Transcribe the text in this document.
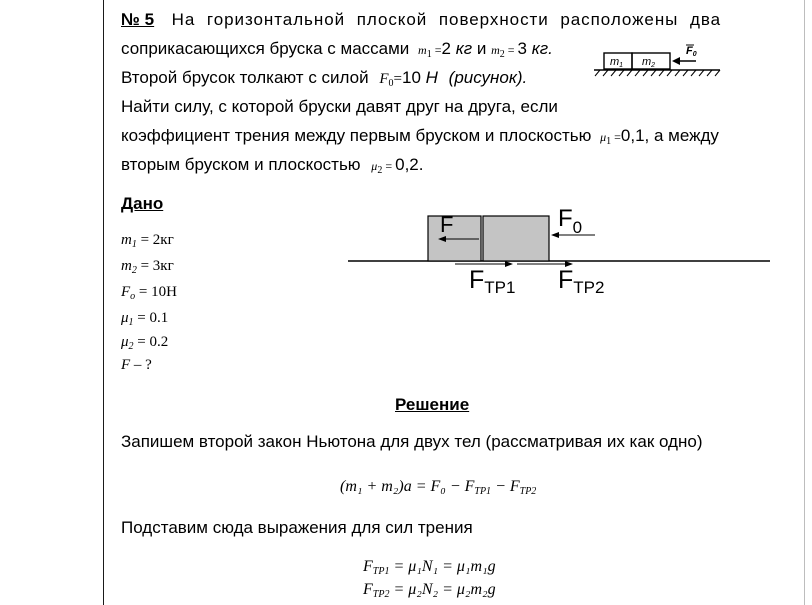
№ 5 На горизонтальной плоской поверхности расположены два
соприкасающихся бруска с массами $m_1 =2$ кг и $m_2 = 3$ кг.
Второй брусок толкают с силой $F_0=10$ Н (рисунок).
Найти силу, с которой бруски давят друг на друга, если
коэффициент трения между первым бруском и плоскостью $\mu_1 =0,1$, а между
вторым бруском и плоскостью $\mu_2 = 0,2$.
m1 m2
F0
Дано
$m_1 = 2кг$
$m_2 = 3кг$
$F_o = 10H$
$\mu_1 = 0.1$
$\mu_2 = 0.2$
F – ?
F	$F_0$
$F_{TP1}$ $F_{TP2}$
Решение
Запишем второй закон Ньютона для двух тел (рассматривая их как одно)
(m₁ + m₂)a = F₀ − FTP1 − FTP2
Подставим сюда выражения для сил трения
FTP1 = μ₁N₁ = μ₁m₁g
FTP2 = μ₂N₂ = μ₂m₂g
